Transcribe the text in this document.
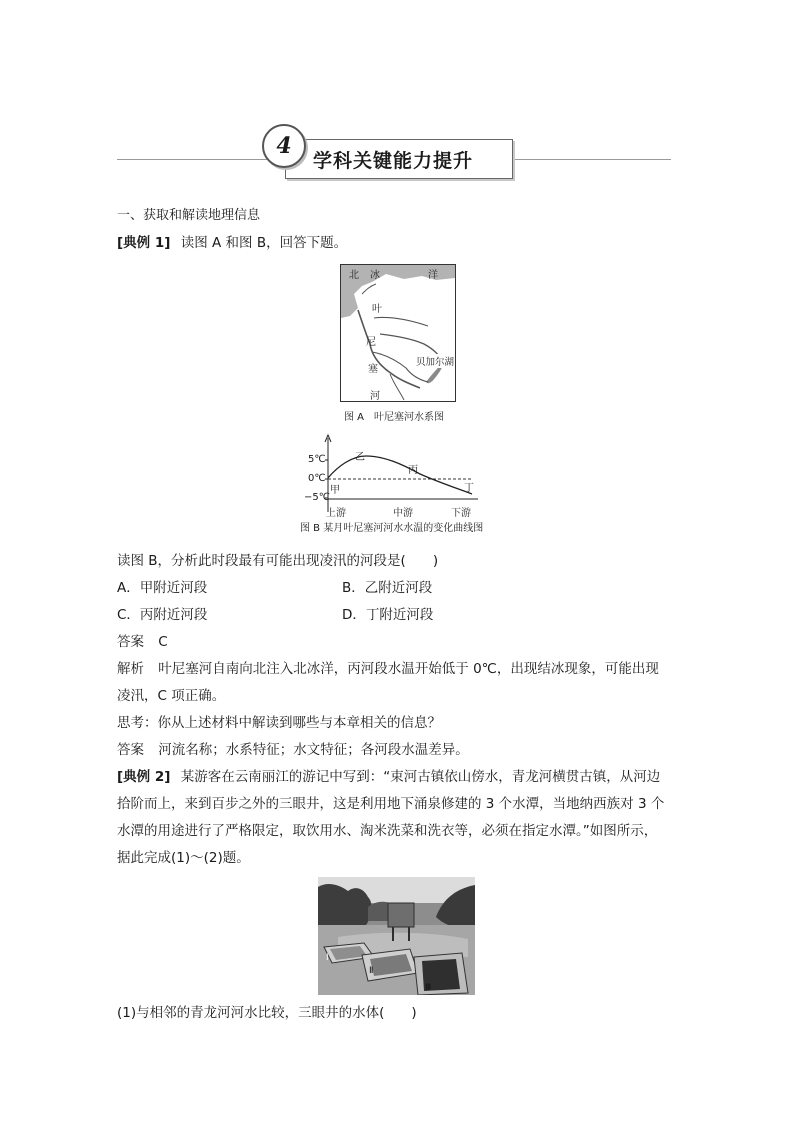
4
学科关键能力提升
一、获取和解读地理信息
[典例 1] 读图 A 和图 B，回答下题。
北 冰	洋
叶
尼
塞
河
贝加尔湖
图 A　叶尼塞河水系图
5℃
0℃
−5℃
甲
乙
丙
丁
上游	中游	下游
图 B 某月叶尼塞河河水水温的变化曲线图
读图 B，分析此时段最有可能出现凌汛的河段是(　　)
A．甲附近河段	B．乙附近河段
C．丙附近河段	D．丁附近河段
答案 C
解析 叶尼塞河自南向北注入北冰洋，丙河段水温开始低于 0℃，出现结冰现象，可能出现
凌汛，C 项正确。
思考：你从上述材料中解读到哪些与本章相关的信息？
答案 河流名称；水系特征；水文特征；各河段水温差异。
[典例 2] 某游客在云南丽江的游记中写到：“束河古镇依山傍水，青龙河横贯古镇，从河边
拾阶而上，来到百步之外的三眼井，这是利用地下涌泉修建的 3 个水潭，当地纳西族对 3 个
水潭的用途进行了严格限定，取饮用水、淘米洗菜和洗衣等，必须在指定水潭。”如图所示，
据此完成(1)～(2)题。
Ⅰ
Ⅱ
Ⅲ
(1)与相邻的青龙河河水比较，三眼井的水体(　　)
